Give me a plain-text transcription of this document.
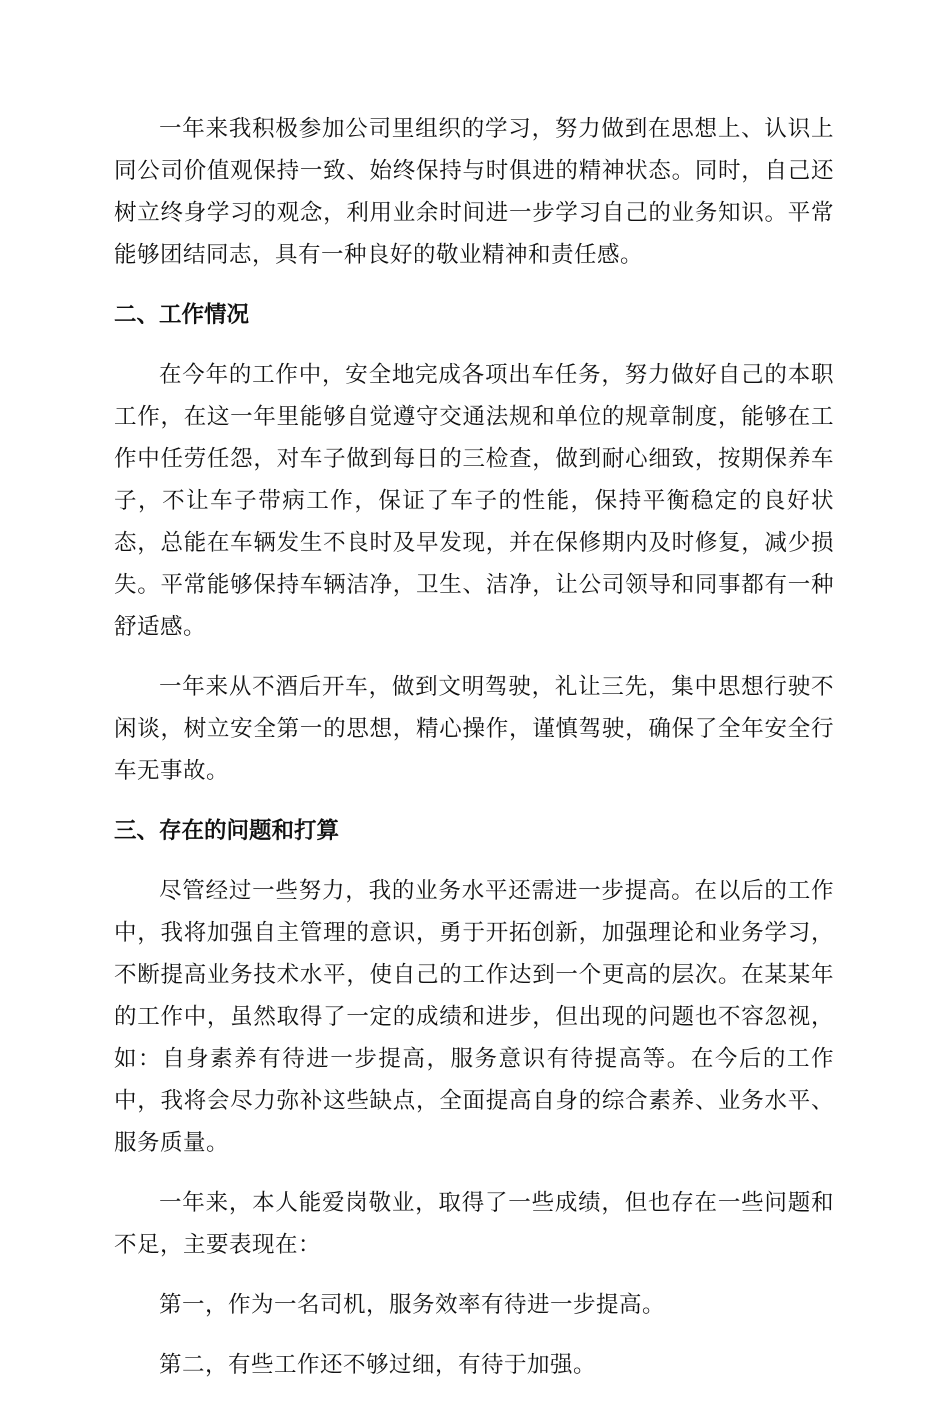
一年来我积极参加公司里组织的学习，努力做到在思想上、认识上同公司价值观保持一致、始终保持与时俱进的精神状态。同时，自己还树立终身学习的观念，利用业余时间进一步学习自己的业务知识。平常能够团结同志，具有一种良好的敬业精神和责任感。

二、工作情况

在今年的工作中，安全地完成各项出车任务，努力做好自己的本职工作，在这一年里能够自觉遵守交通法规和单位的规章制度，能够在工作中任劳任怨，对车子做到每日的三检查，做到耐心细致，按期保养车子，不让车子带病工作，保证了车子的性能，保持平衡稳定的良好状态，总能在车辆发生不良时及早发现，并在保修期内及时修复，减少损失。平常能够保持车辆洁净，卫生、洁净，让公司领导和同事都有一种舒适感。

一年来从不酒后开车，做到文明驾驶，礼让三先，集中思想行驶不闲谈，树立安全第一的思想，精心操作，谨慎驾驶，确保了全年安全行车无事故。

三、存在的问题和打算

尽管经过一些努力，我的业务水平还需进一步提高。在以后的工作中，我将加强自主管理的意识，勇于开拓创新，加强理论和业务学习，不断提高业务技术水平，使自己的工作达到一个更高的层次。在某某年的工作中，虽然取得了一定的成绩和进步，但出现的问题也不容忽视，如：自身素养有待进一步提高，服务意识有待提高等。在今后的工作中，我将会尽力弥补这些缺点，全面提高自身的综合素养、业务水平、服务质量。

一年来，本人能爱岗敬业，取得了一些成绩，但也存在一些问题和不足，主要表现在：

第一，作为一名司机，服务效率有待进一步提高。

第二，有些工作还不够过细，有待于加强。
